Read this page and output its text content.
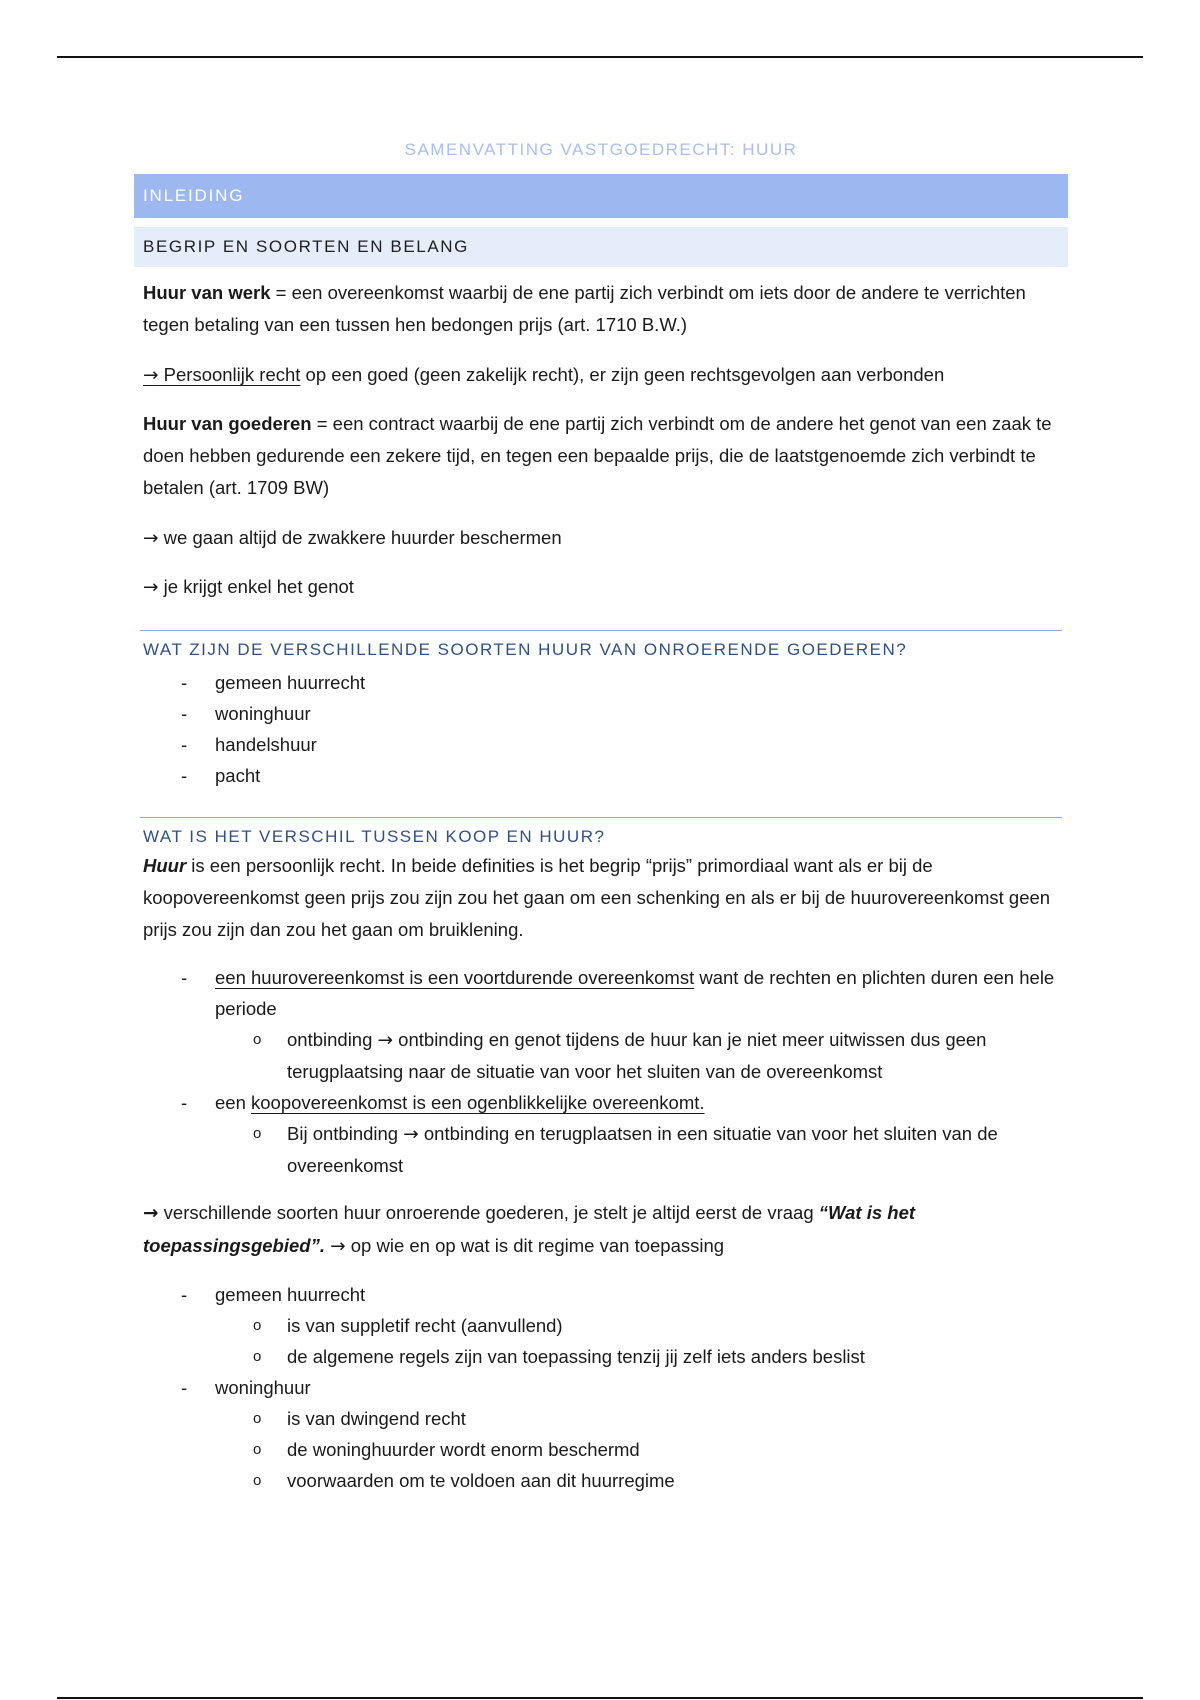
SAMENVATTING VASTGOEDRECHT: HUUR
INLEIDING
BEGRIP EN SOORTEN EN BELANG

Huur van werk = een overeenkomst waarbij de ene partij zich verbindt om iets door de andere te verrichten tegen betaling van een tussen hen bedongen prijs (art. 1710 B.W.)

→ Persoonlijk recht op een goed (geen zakelijk recht), er zijn geen rechtsgevolgen aan verbonden

Huur van goederen = een contract waarbij de ene partij zich verbindt om de andere het genot van een zaak te doen hebben gedurende een zekere tijd, en tegen een bepaalde prijs, die de laatstgenoemde zich verbindt te betalen (art. 1709 BW)

→ we gaan altijd de zwakkere huurder beschermen

→ je krijgt enkel het genot

WAT ZIJN DE VERSCHILLENDE SOORTEN HUUR VAN ONROERENDE GOEDEREN?
- gemeen huurrecht
- woninghuur
- handelshuur
- pacht
WAT IS HET VERSCHIL TUSSEN KOOP EN HUUR?

Huur is een persoonlijk recht. In beide definities is het begrip “prijs” primordiaal want als er bij de koopovereenkomst geen prijs zou zijn zou het gaan om een schenking en als er bij de huurovereenkomst geen prijs zou zijn dan zou het gaan om bruiklening.

- een huurovereenkomst is een voortdurende overeenkomst want de rechten en plichten duren een hele periode
o ontbinding → ontbinding en genot tijdens de huur kan je niet meer uitwissen dus geen terugplaatsing naar de situatie van voor het sluiten van de overeenkomst
- een koopovereenkomst is een ogenblikkelijke overeenkomt.
o Bij ontbinding → ontbinding en terugplaatsen in een situatie van voor het sluiten van de overeenkomst

→ verschillende soorten huur onroerende goederen, je stelt je altijd eerst de vraag “Wat is het toepassingsgebied”. → op wie en op wat is dit regime van toepassing

- gemeen huurrecht
o is van suppletif recht (aanvullend)
o de algemene regels zijn van toepassing tenzij jij zelf iets anders beslist
- woninghuur
o is van dwingend recht
o de woninghuurder wordt enorm beschermd
o voorwaarden om te voldoen aan dit huurregime
